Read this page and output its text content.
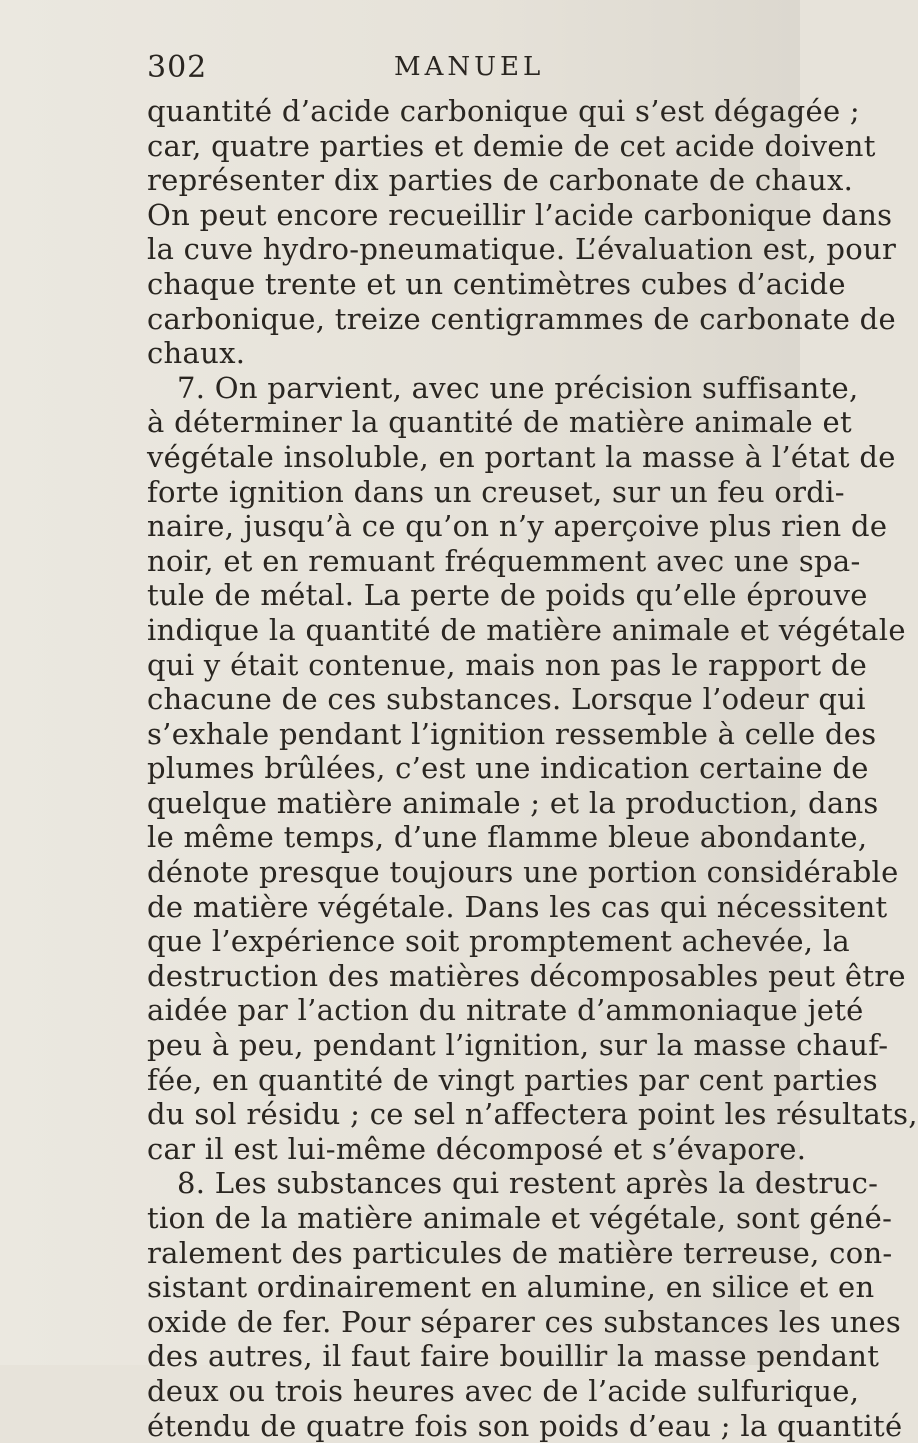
302	MANUEL
quantité d’acide carbonique qui s’est dégagée ;
car, quatre parties et demie de cet acide doivent
représenter dix parties de carbonate de chaux.
On peut encore recueillir l’acide carbonique dans
la cuve hydro-pneumatique. L’évaluation est, pour
chaque trente et un centimètres cubes d’acide
carbonique, treize centigrammes de carbonate de
chaux.
7. On parvient, avec une précision suffisante,
à déterminer la quantité de matière animale et
végétale insoluble, en portant la masse à l’état de
forte ignition dans un creuset, sur un feu ordi-
naire, jusqu’à ce qu’on n’y aperçoive plus rien de
noir, et en remuant fréquemment avec une spa-
tule de métal. La perte de poids qu’elle éprouve
indique la quantité de matière animale et végétale
qui y était contenue, mais non pas le rapport de
chacune de ces substances. Lorsque l’odeur qui
s’exhale pendant l’ignition ressemble à celle des
plumes brûlées, c’est une indication certaine de
quelque matière animale ; et la production, dans
le même temps, d’une flamme bleue abondante,
dénote presque toujours une portion considérable
de matière végétale. Dans les cas qui nécessitent
que l’expérience soit promptement achevée, la
destruction des matières décomposables peut être
aidée par l’action du nitrate d’ammoniaque jeté
peu à peu, pendant l’ignition, sur la masse chauf-
fée, en quantité de vingt parties par cent parties
du sol résidu ; ce sel n’affectera point les résultats,
car il est lui-même décomposé et s’évapore.
8. Les substances qui restent après la destruc-
tion de la matière animale et végétale, sont géné-
ralement des particules de matière terreuse, con-
sistant ordinairement en alumine, en silice et en
oxide de fer. Pour séparer ces substances les unes
des autres, il faut faire bouillir la masse pendant
deux ou trois heures avec de l’acide sulfurique,
étendu de quatre fois son poids d’eau ; la quantité
